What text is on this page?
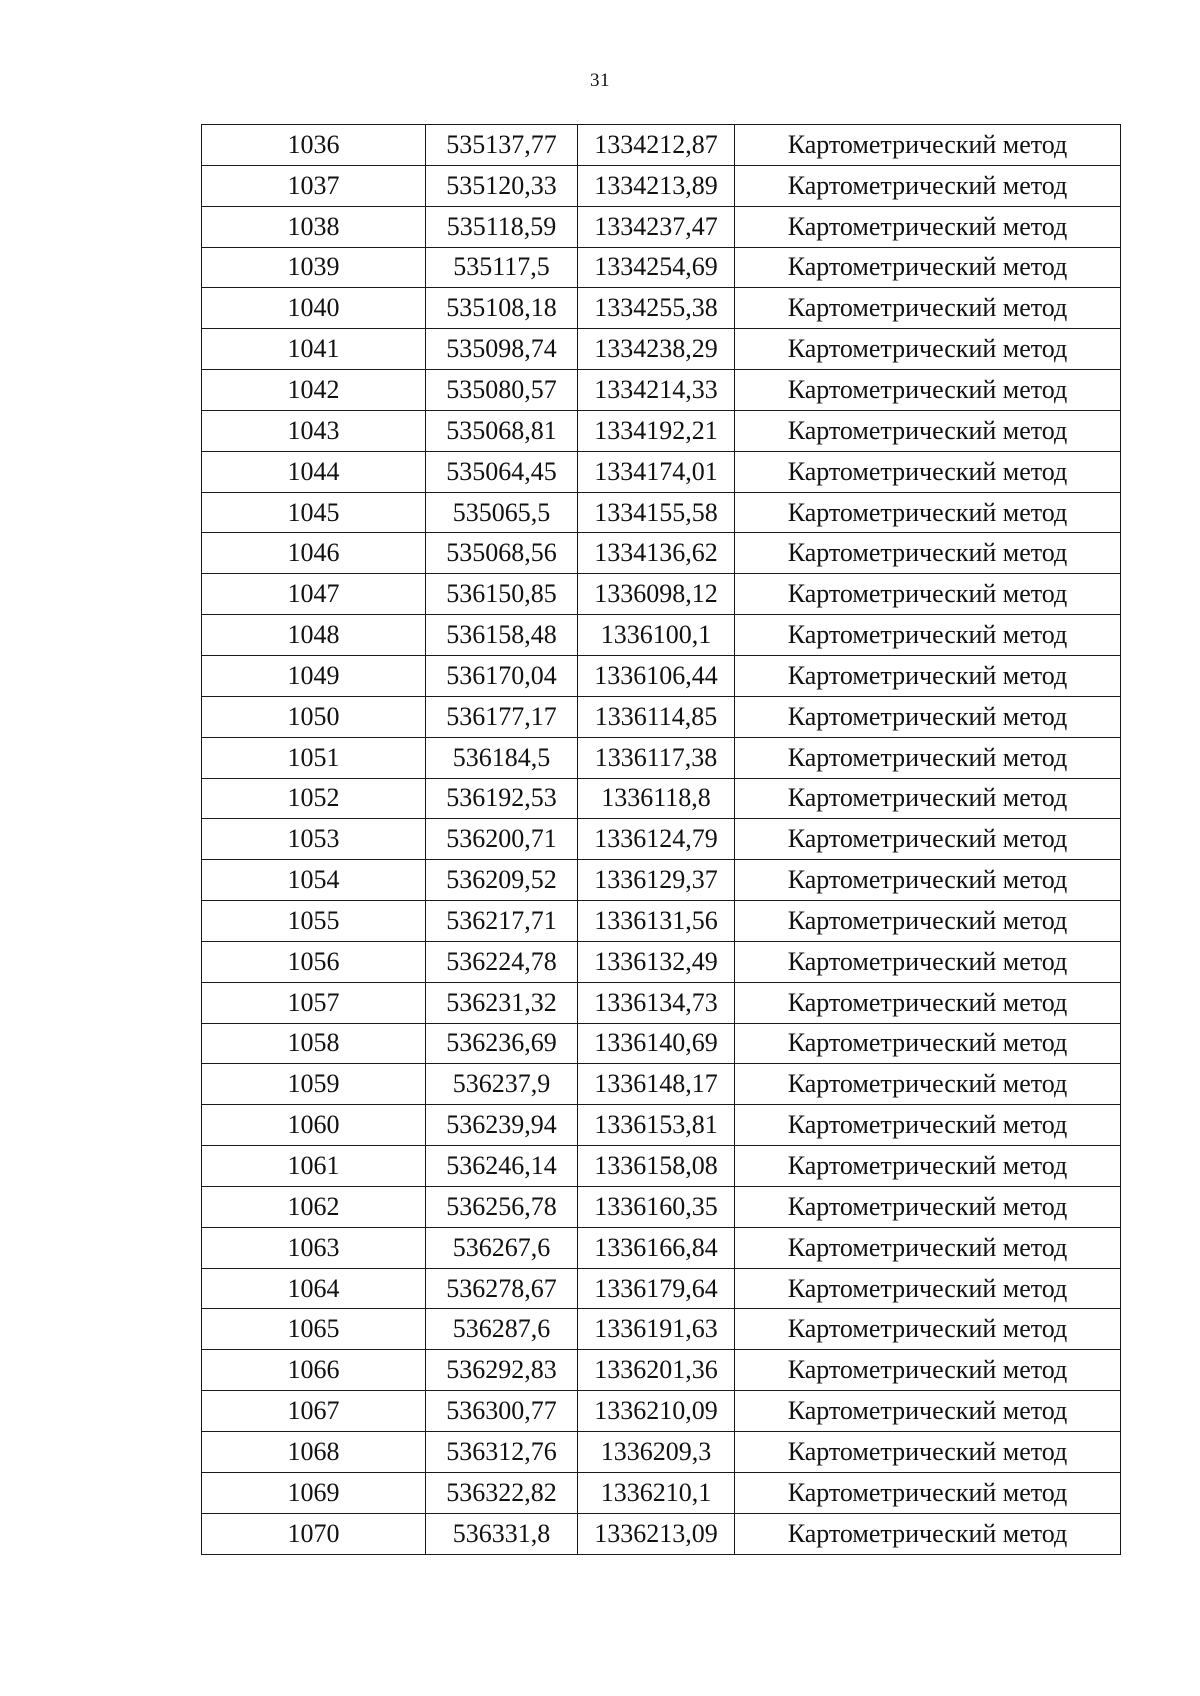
31
1036	535137,77	1334212,87	Картометрический метод
1037	535120,33	1334213,89	Картометрический метод
1038	535118,59	1334237,47	Картометрический метод
1039	535117,5	1334254,69	Картометрический метод
1040	535108,18	1334255,38	Картометрический метод
1041	535098,74	1334238,29	Картометрический метод
1042	535080,57	1334214,33	Картометрический метод
1043	535068,81	1334192,21	Картометрический метод
1044	535064,45	1334174,01	Картометрический метод
1045	535065,5	1334155,58	Картометрический метод
1046	535068,56	1334136,62	Картометрический метод
1047	536150,85	1336098,12	Картометрический метод
1048	536158,48	1336100,1	Картометрический метод
1049	536170,04	1336106,44	Картометрический метод
1050	536177,17	1336114,85	Картометрический метод
1051	536184,5	1336117,38	Картометрический метод
1052	536192,53	1336118,8	Картометрический метод
1053	536200,71	1336124,79	Картометрический метод
1054	536209,52	1336129,37	Картометрический метод
1055	536217,71	1336131,56	Картометрический метод
1056	536224,78	1336132,49	Картометрический метод
1057	536231,32	1336134,73	Картометрический метод
1058	536236,69	1336140,69	Картометрический метод
1059	536237,9	1336148,17	Картометрический метод
1060	536239,94	1336153,81	Картометрический метод
1061	536246,14	1336158,08	Картометрический метод
1062	536256,78	1336160,35	Картометрический метод
1063	536267,6	1336166,84	Картометрический метод
1064	536278,67	1336179,64	Картометрический метод
1065	536287,6	1336191,63	Картометрический метод
1066	536292,83	1336201,36	Картометрический метод
1067	536300,77	1336210,09	Картометрический метод
1068	536312,76	1336209,3	Картометрический метод
1069	536322,82	1336210,1	Картометрический метод
1070	536331,8	1336213,09	Картометрический метод
